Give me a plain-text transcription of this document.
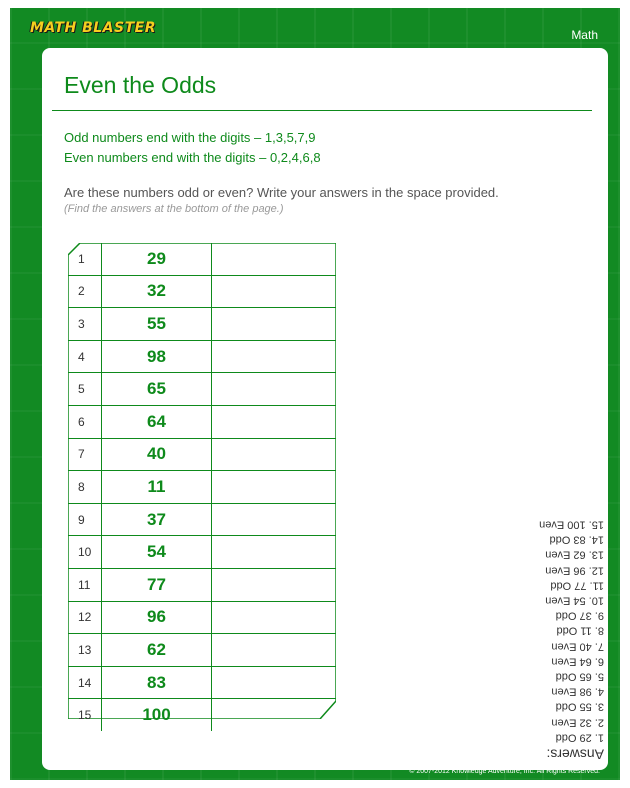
MATH BLASTER	Math
Even the Odds
Odd numbers end with the digits – 1,3,5,7,9
Even numbers end with the digits – 0,2,4,6,8
Are these numbers odd or even? Write your answers in the space provided.
(Find the answers at the bottom of the page.)
1	29
2	32
3	55
4	98
5	65
6	64
7	40
8	11
9	37
10	54
11	77
12	96
13	62
14	83
15	100
Answers:
1. 29 Odd
2. 32 Even
3. 55 Odd
4. 98 Even
5. 65 Odd
6. 64 Even
7. 40 Even
8. 11 Odd
9. 37 Odd
10. 54 Even
11. 77 Odd
12. 96 Even
13. 62 Even
14. 83 Odd
15. 100 Even
© 2007-2012 Knowledge Adventure, Inc. All Rights Reserved.
